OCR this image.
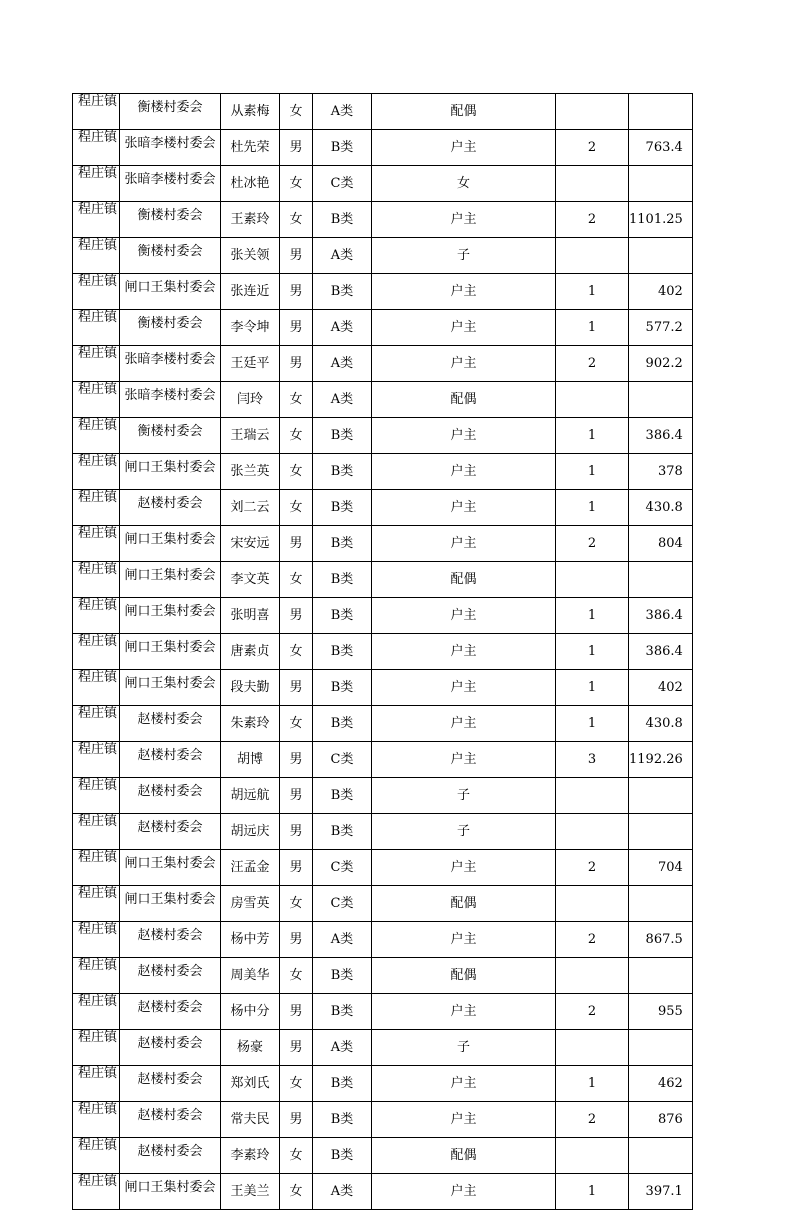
程庄镇	衡楼村委会	从素梅	女	A类	配偶		
程庄镇	张暗李楼村委会	杜先荣	男	B类	户主	2	763.4
程庄镇	张暗李楼村委会	杜冰艳	女	C类	女		
程庄镇	衡楼村委会	王素玲	女	B类	户主	2	1101.25
程庄镇	衡楼村委会	张关领	男	A类	子		
程庄镇	闸口王集村委会	张连近	男	B类	户主	1	402
程庄镇	衡楼村委会	李令坤	男	A类	户主	1	577.2
程庄镇	张暗李楼村委会	王廷平	男	A类	户主	2	902.2
程庄镇	张暗李楼村委会	闫玲	女	A类	配偶		
程庄镇	衡楼村委会	王瑞云	女	B类	户主	1	386.4
程庄镇	闸口王集村委会	张兰英	女	B类	户主	1	378
程庄镇	赵楼村委会	刘二云	女	B类	户主	1	430.8
程庄镇	闸口王集村委会	宋安远	男	B类	户主	2	804
程庄镇	闸口王集村委会	李文英	女	B类	配偶		
程庄镇	闸口王集村委会	张明喜	男	B类	户主	1	386.4
程庄镇	闸口王集村委会	唐素贞	女	B类	户主	1	386.4
程庄镇	闸口王集村委会	段夫勤	男	B类	户主	1	402
程庄镇	赵楼村委会	朱素玲	女	B类	户主	1	430.8
程庄镇	赵楼村委会	胡博	男	C类	户主	3	1192.26
程庄镇	赵楼村委会	胡远航	男	B类	子		
程庄镇	赵楼村委会	胡远庆	男	B类	子		
程庄镇	闸口王集村委会	汪孟金	男	C类	户主	2	704
程庄镇	闸口王集村委会	房雪英	女	C类	配偶		
程庄镇	赵楼村委会	杨中芳	男	A类	户主	2	867.5
程庄镇	赵楼村委会	周美华	女	B类	配偶		
程庄镇	赵楼村委会	杨中分	男	B类	户主	2	955
程庄镇	赵楼村委会	杨豪	男	A类	子		
程庄镇	赵楼村委会	郑刘氏	女	B类	户主	1	462
程庄镇	赵楼村委会	常夫民	男	B类	户主	2	876
程庄镇	赵楼村委会	李素玲	女	B类	配偶		
程庄镇	闸口王集村委会	王美兰	女	A类	户主	1	397.1
